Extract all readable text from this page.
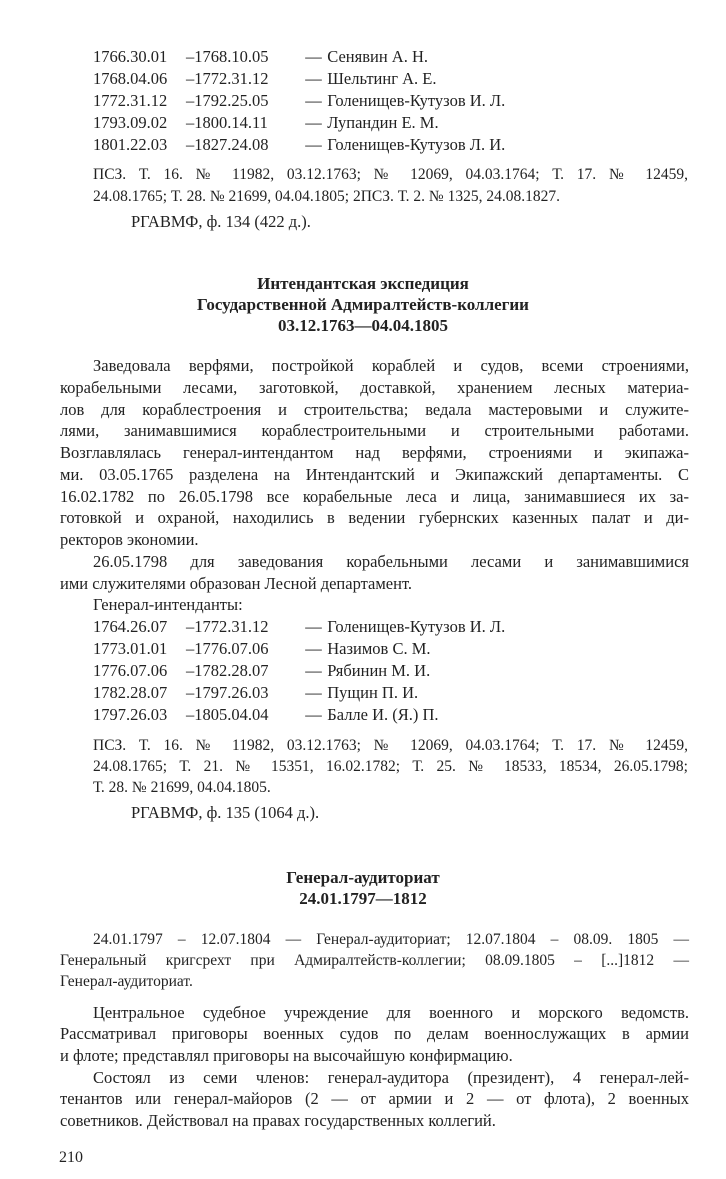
1766.30.01 –1768.10.05 — Сенявин А. Н.
1768.04.06 –1772.31.12 — Шельтинг А. Е.
1772.31.12 –1792.25.05 — Голенищев-Кутузов И. Л.
1793.09.02 –1800.14.11 — Лупандин Е. М.
1801.22.03 –1827.24.08 — Голенищев-Кутузов Л. И.

ПСЗ. Т. 16. № 11982, 03.12.1763; № 12069, 04.03.1764; Т. 17. № 12459,

24.08.1765; Т. 28. № 21699, 04.04.1805; 2ПСЗ. Т. 2. № 1325, 24.08.1827.

РГАВМФ, ф. 134 (422 д.).

Интендантская экспедиция

Государственной Адмиралтейств-коллегии

03.12.1763—04.04.1805

Заведовала верфями, постройкой кораблей и судов, всеми строениями,

корабельными лесами, заготовкой, доставкой, хранением лесных материа-

лов для кораблестроения и строительства; ведала мастеровыми и служите-

лями, занимавшимися кораблестроительными и строительными работами.

Возглавлялась генерал-интендантом над верфями, строениями и экипажа-

ми. 03.05.1765 разделена на Интендантский и Экипажский департаменты. С

16.02.1782 по 26.05.1798 все корабельные леса и лица, занимавшиеся их за-

готовкой и охраной, находились в ведении губернских казенных палат и ди-

ректоров экономии.

26.05.1798 для заведования корабельными лесами и занимавшимися

ими служителями образован Лесной департамент.

Генерал-интенданты:

1764.26.07 –1772.31.12 — Голенищев-Кутузов И. Л.
1773.01.01 –1776.07.06 — Назимов С. М.
1776.07.06 –1782.28.07 — Рябинин М. И.
1782.28.07 –1797.26.03 — Пущин П. И.
1797.26.03 –1805.04.04 — Балле И. (Я.) П.

ПСЗ. Т. 16. № 11982, 03.12.1763; № 12069, 04.03.1764; Т. 17. № 12459,

24.08.1765; Т. 21. № 15351, 16.02.1782; Т. 25. № 18533, 18534, 26.05.1798;

Т. 28. № 21699, 04.04.1805.

РГАВМФ, ф. 135 (1064 д.).

Генерал-аудиториат

24.01.1797—1812

24.01.1797 – 12.07.1804 — Генерал-аудиториат; 12.07.1804 – 08.09. 1805 —

Генеральный кригсрехт при Адмиралтейств-коллегии; 08.09.1805 – [...]1812 —

Генерал-аудиториат.

Центральное судебное учреждение для военного и морского ведомств.

Рассматривал приговоры военных судов по делам военнослужащих в армии

и флоте; представлял приговоры на высочайшую конфирмацию.

Состоял из семи членов: генерал-аудитора (президент), 4 генерал-лей-

тенантов или генерал-майоров (2 — от армии и 2 — от флота), 2 военных

советников. Действовал на правах государственных коллегий.

210
